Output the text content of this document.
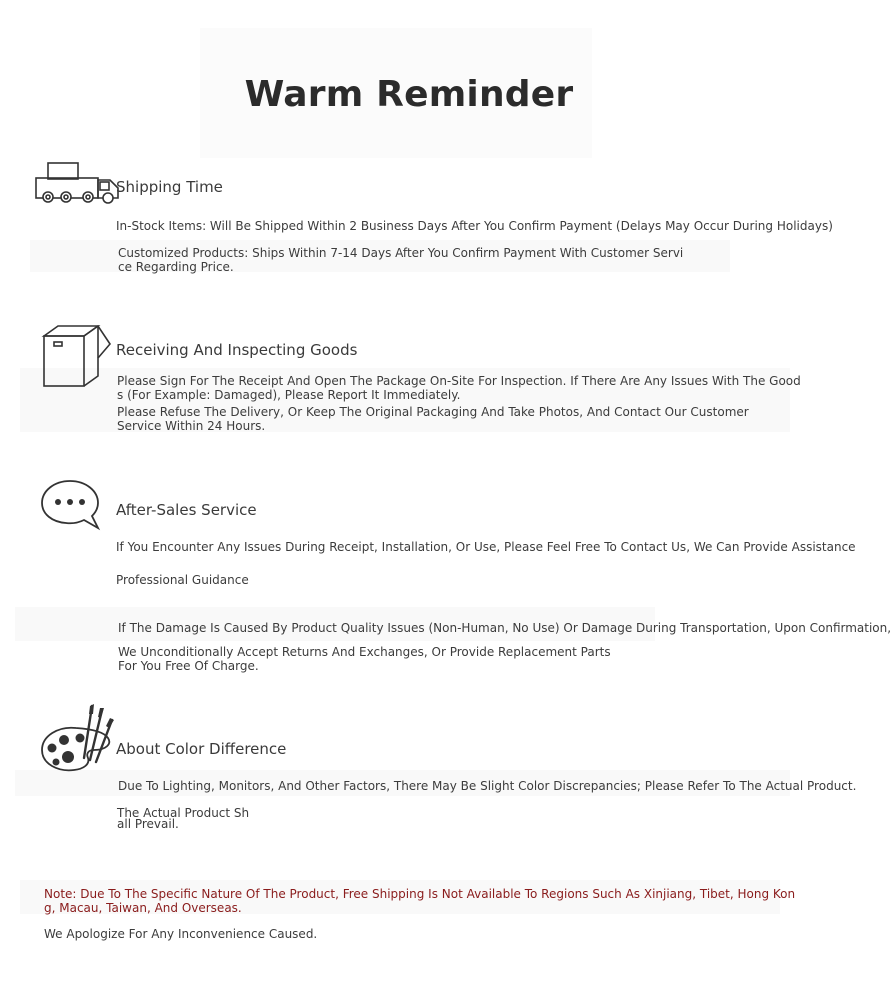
Warm Reminder
Shipping Time
In-Stock Items: Will Be Shipped Within 2 Business Days After You Confirm Payment (Delays May Occur During Holidays)
Customized Products: Ships Within 7-14 Days After You Confirm Payment With Customer Servi
ce Regarding Price.
Receiving And Inspecting Goods
Please Sign For The Receipt And Open The Package On-Site For Inspection. If There Are Any Issues With The Good
s (For Example: Damaged), Please Report It Immediately.
Please Refuse The Delivery, Or Keep The Original Packaging And Take Photos, And Contact Our Customer
Service Within 24 Hours.
After-Sales Service
If You Encounter Any Issues During Receipt, Installation, Or Use, Please Feel Free To Contact Us, We Can Provide Assistance
Professional Guidance
If The Damage Is Caused By Product Quality Issues (Non-Human, No Use) Or Damage During Transportation, Upon Confirmation,
We Unconditionally Accept Returns And Exchanges, Or Provide Replacement Parts
For You Free Of Charge.
About Color Difference
Due To Lighting, Monitors, And Other Factors, There May Be Slight Color Discrepancies; Please Refer To The Actual Product.
The Actual Product Sh
all Prevail.
Note: Due To The Specific Nature Of The Product, Free Shipping Is Not Available To Regions Such As Xinjiang, Tibet, Hong Kon
g, Macau, Taiwan, And Overseas.
We Apologize For Any Inconvenience Caused.
